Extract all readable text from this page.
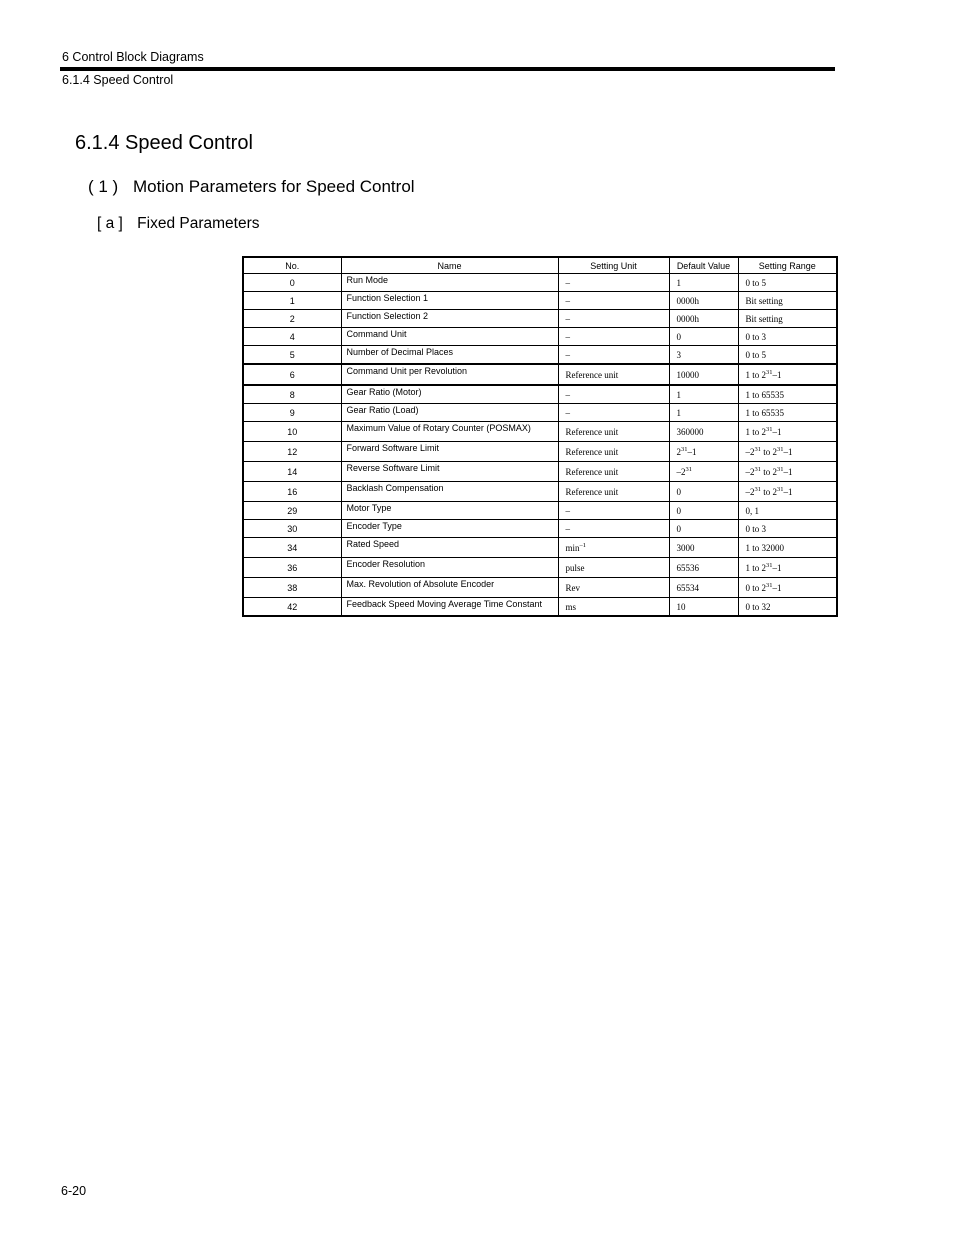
6 Control Block Diagrams
6.1.4 Speed Control
6.1.4 Speed Control
( 1 ) Motion Parameters for Speed Control
[ a ] Fixed Parameters
No.	Name	Setting Unit	Default Value	Setting Range
0	Run Mode	–	1	0 to 5
1	Function Selection 1	–	0000h	Bit setting
2	Function Selection 2	–	0000h	Bit setting
4	Command Unit	–	0	0 to 3
5	Number of Decimal Places	–	3	0 to 5
6	Command Unit per Revolution	Reference unit	10000	1 to $2^{31}-1$
8	Gear Ratio (Motor)	–	1	1 to 65535
9	Gear Ratio (Load)	–	1	1 to 65535
10	Maximum Value of Rotary Counter (POSMAX)	Reference unit	360000	1 to $2^{31}-1$
12	Forward Software Limit	Reference unit	$2^{31}-1$	$-2^{31}$ to $2^{31}-1$
14	Reverse Software Limit	Reference unit	$-2^{31}$	$-2^{31}$ to $2^{31}-1$
16	Backlash Compensation	Reference unit	0	$-2^{31}$ to $2^{31}-1$
29	Motor Type	–	0	0, 1
30	Encoder Type	–	0	0 to 3
34	Rated Speed	$\min^{-1}$	3000	1 to 32000
36	Encoder Resolution	pulse	65536	1 to $2^{31}-1$
38	Max. Revolution of Absolute Encoder	Rev	65534	0 to $2^{31}-1$
42	Feedback Speed Moving Average Time Constant	ms	10	0 to 32
6-20
